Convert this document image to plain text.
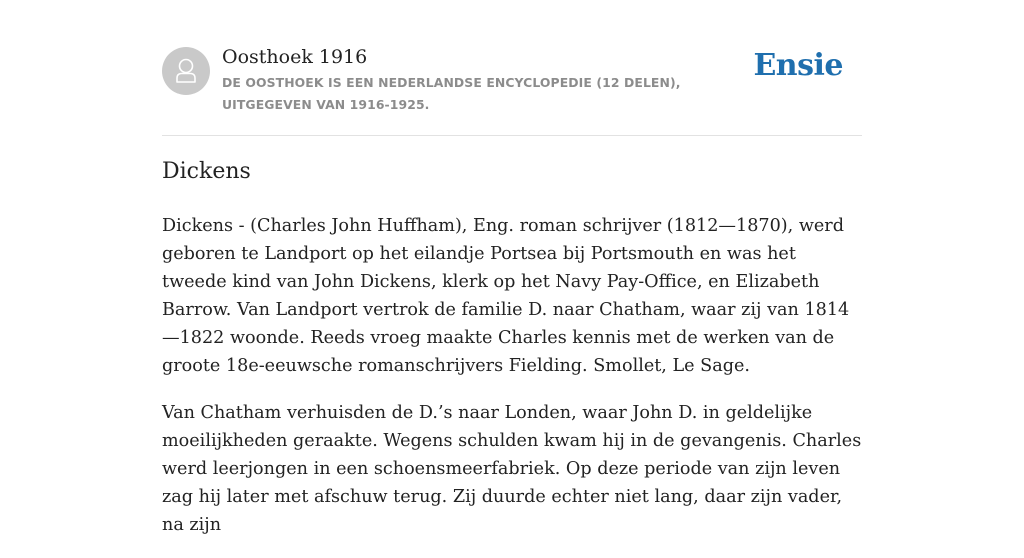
Oosthoek 1916
DE OOSTHOEK IS EEN NEDERLANDSE ENCYCLOPEDIE (12 DELEN), UITGEGEVEN VAN 1916-1925.
Ensie
Dickens

Dickens - (Charles John Huffham), Eng. roman schrijver (1812—1870), werd geboren te Landport op het eilandje Portsea bij Portsmouth en was het tweede kind van John Dickens, klerk op het Navy Pay-Office, en Elizabeth Barrow. Van Landport vertrok de familie D. naar Chatham, waar zij van 1814—1822 woonde. Reeds vroeg maakte Charles kennis met de werken van de groote 18e-eeuwsche romanschrijvers Fielding. Smollet, Le Sage.

Van Chatham verhuisden de D.’s naar Londen, waar John D. in geldelijke moeilijkheden geraakte. Wegens schulden kwam hij in de gevangenis. Charles werd leerjongen in een schoensmeerfabriek. Op deze periode van zijn leven zag hij later met afschuw terug. Zij duurde echter niet lang, daar zijn vader, na zijn
